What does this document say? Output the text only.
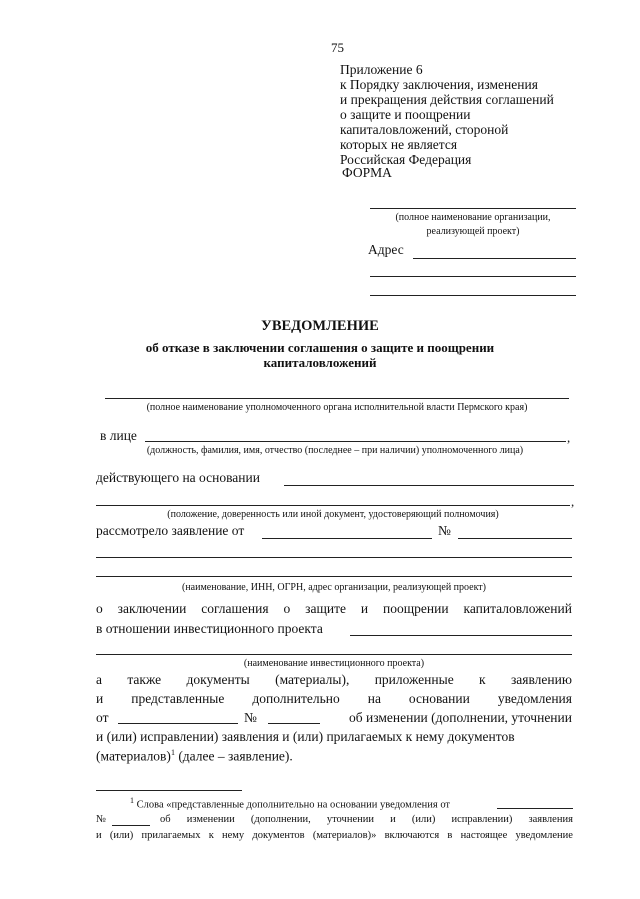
75
Приложение 6
к Порядку заключения, изменения
и прекращения действия соглашений
о защите и поощрении
капиталовложений, стороной
которых не является
Российская Федерация
ФОРМА
(полное наименование организации,
реализующей проект)
Адрес
УВЕДОМЛЕНИЕ
об отказе в заключении соглашения о защите и поощрении
капиталовложений
(полное наименование уполномоченного органа исполнительной власти Пермского края)
в лице	,
(должность, фамилия, имя, отчество (последнее – при наличии) уполномоченного лица)
действующего на основании
,
(положение, доверенность или иной документ, удостоверяющий полномочия)
рассмотрело заявление от	№
(наименование, ИНН, ОГРН, адрес организации, реализующей проект)
о заключении соглашения о защите и поощрении капиталовложений
в отношении инвестиционного проекта
(наименование инвестиционного проекта)
а также документы (материалы), приложенные к заявлению
и представленные дополнительно на основании уведомления
от	№	об изменении (дополнении, уточнении
и (или) исправлении) заявления и (или) прилагаемых к нему документов
(материалов)$^1$ (далее – заявление).
$^1$ Слова «представленные дополнительно на основании уведомления от
№	об изменении (дополнении, уточнении и (или) исправлении) заявления
и (или) прилагаемых к нему документов (материалов)» включаются в настоящее уведомление
